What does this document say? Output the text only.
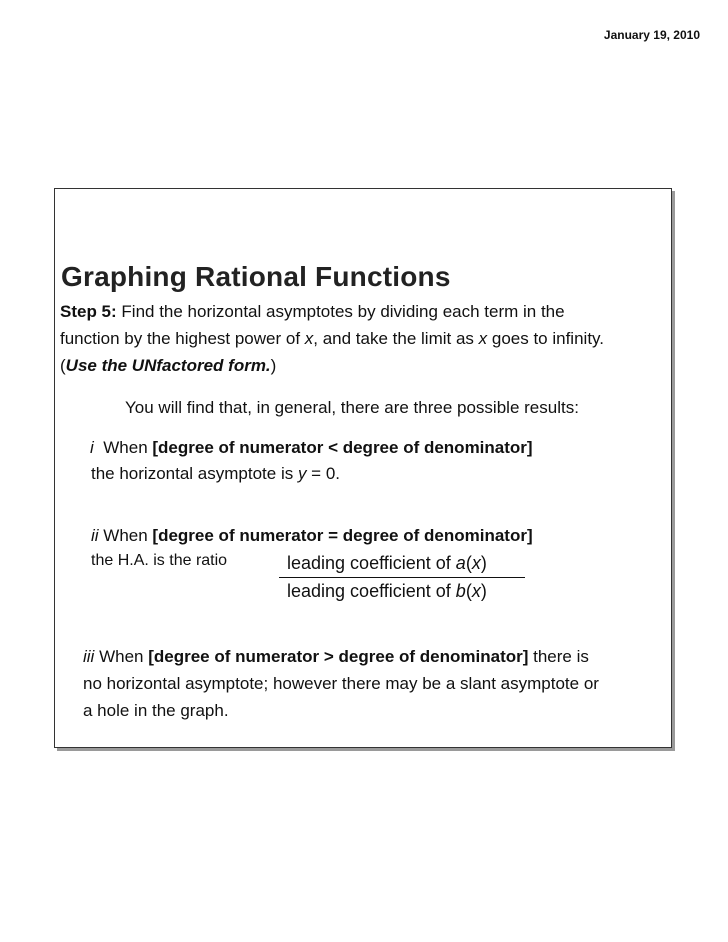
January 19, 2010
Graphing Rational Functions
Step 5: Find the horizontal asymptotes by dividing each term in the
function by the highest power of x, and take the limit as x goes to infinity.
(Use the UNfactored form.)
You will find that, in general, there are three possible results:
i When [degree of numerator < degree of denominator]
the horizontal asymptote is y = 0.
ii When [degree of numerator = degree of denominator]
the H.A. is the ratio	leading coefficient of a(x)
leading coefficient of b(x)
iii When [degree of numerator > degree of denominator] there is
no horizontal asymptote; however there may be a slant asymptote or
a hole in the graph.
